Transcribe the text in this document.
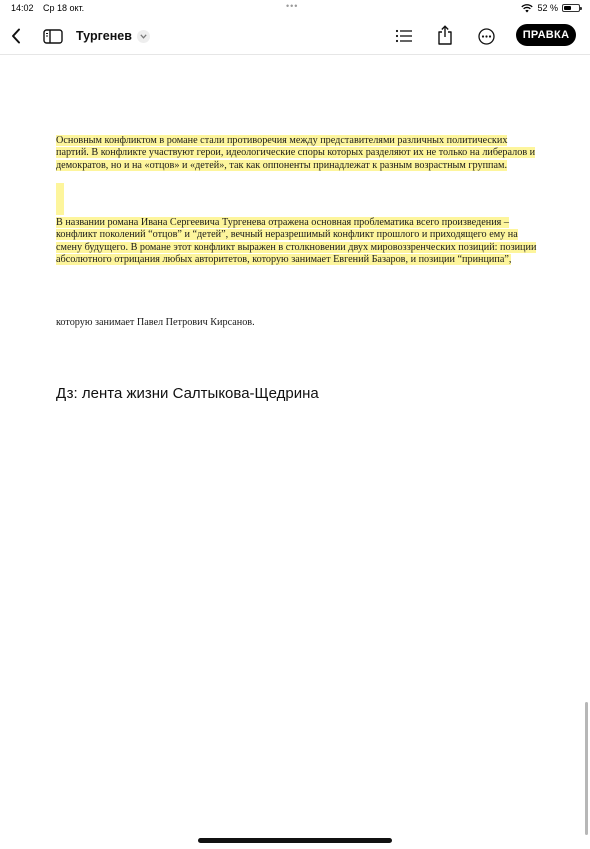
14:02 Ср 18 окт.	•••	52 %
Тургенев	ПРАВКА
Основным конфликтом в романе стали противоречия между представителями различных политических партий. В конфликте участвуют герои, идеологические споры которых разделяют их не только на либералов и демократов, но и на «отцов» и «детей», так как оппоненты принадлежат к разным возрастным группам.
В названии романа Ивана Сергеевича Тургенева отражена основная проблематика всего произведения – конфликт поколений “отцов” и “детей”, вечный неразрешимый конфликт прошлого и приходящего ему на смену будущего. В романе этот конфликт выражен в столкновении двух мировоззренческих позиций: позиции абсолютного отрицания любых авторитетов, которую занимает Евгений Базаров, и позиции “принципа”,
которую занимает Павел Петрович Кирсанов.
Дз: лента жизни Салтыкова-Щедрина
